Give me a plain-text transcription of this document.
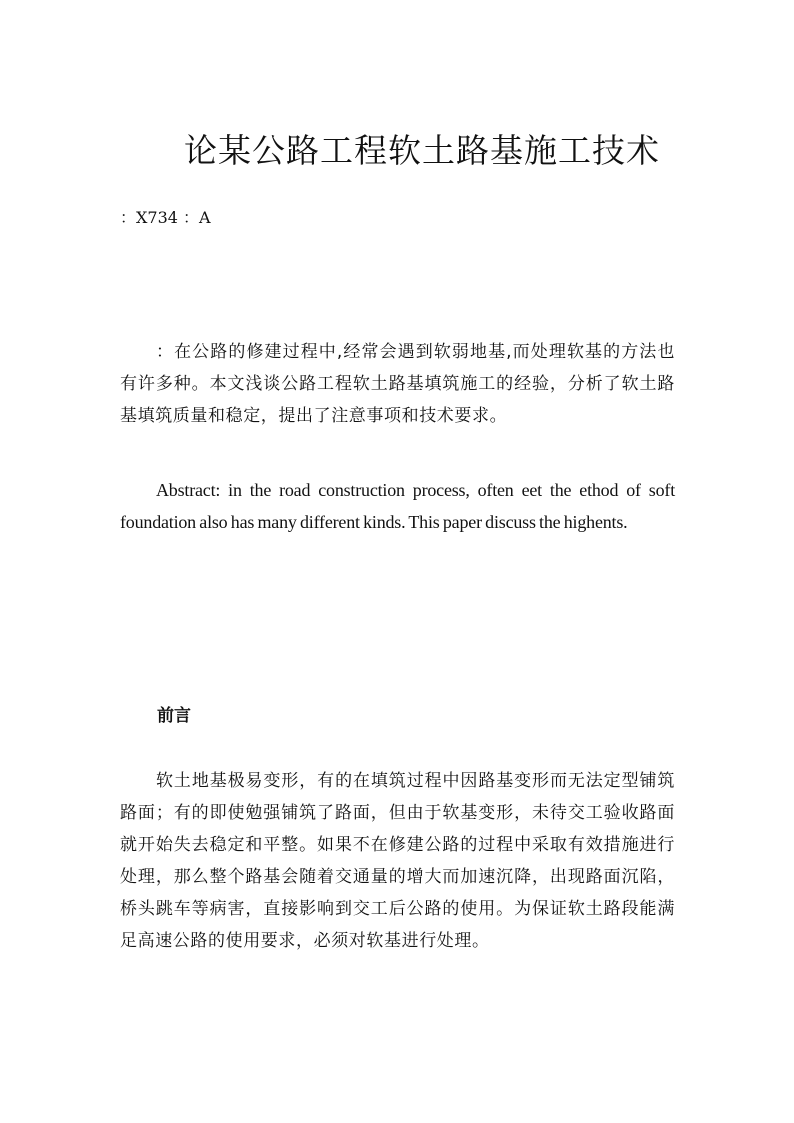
论某公路工程软土路基施工技术
：X734 ：A

：在公路的修建过程中,经常会遇到软弱地基,而处理软基的方法也有许多种。本文浅谈公路工程软土路基填筑施工的经验，分析了软土路基填筑质量和稳定，提出了注意事项和技术要求。

Abstract: in the road construction process, often eet the ethod of soft foundation also has many different kinds. This paper discuss the highents.

前言

软土地基极易变形，有的在填筑过程中因路基变形而无法定型铺筑路面；有的即使勉强铺筑了路面，但由于软基变形，未待交工验收路面就开始失去稳定和平整。如果不在修建公路的过程中采取有效措施进行处理，那么整个路基会随着交通量的增大而加速沉降，出现路面沉陷，桥头跳车等病害，直接影响到交工后公路的使用。为保证软土路段能满足高速公路的使用要求，必须对软基进行处理。
